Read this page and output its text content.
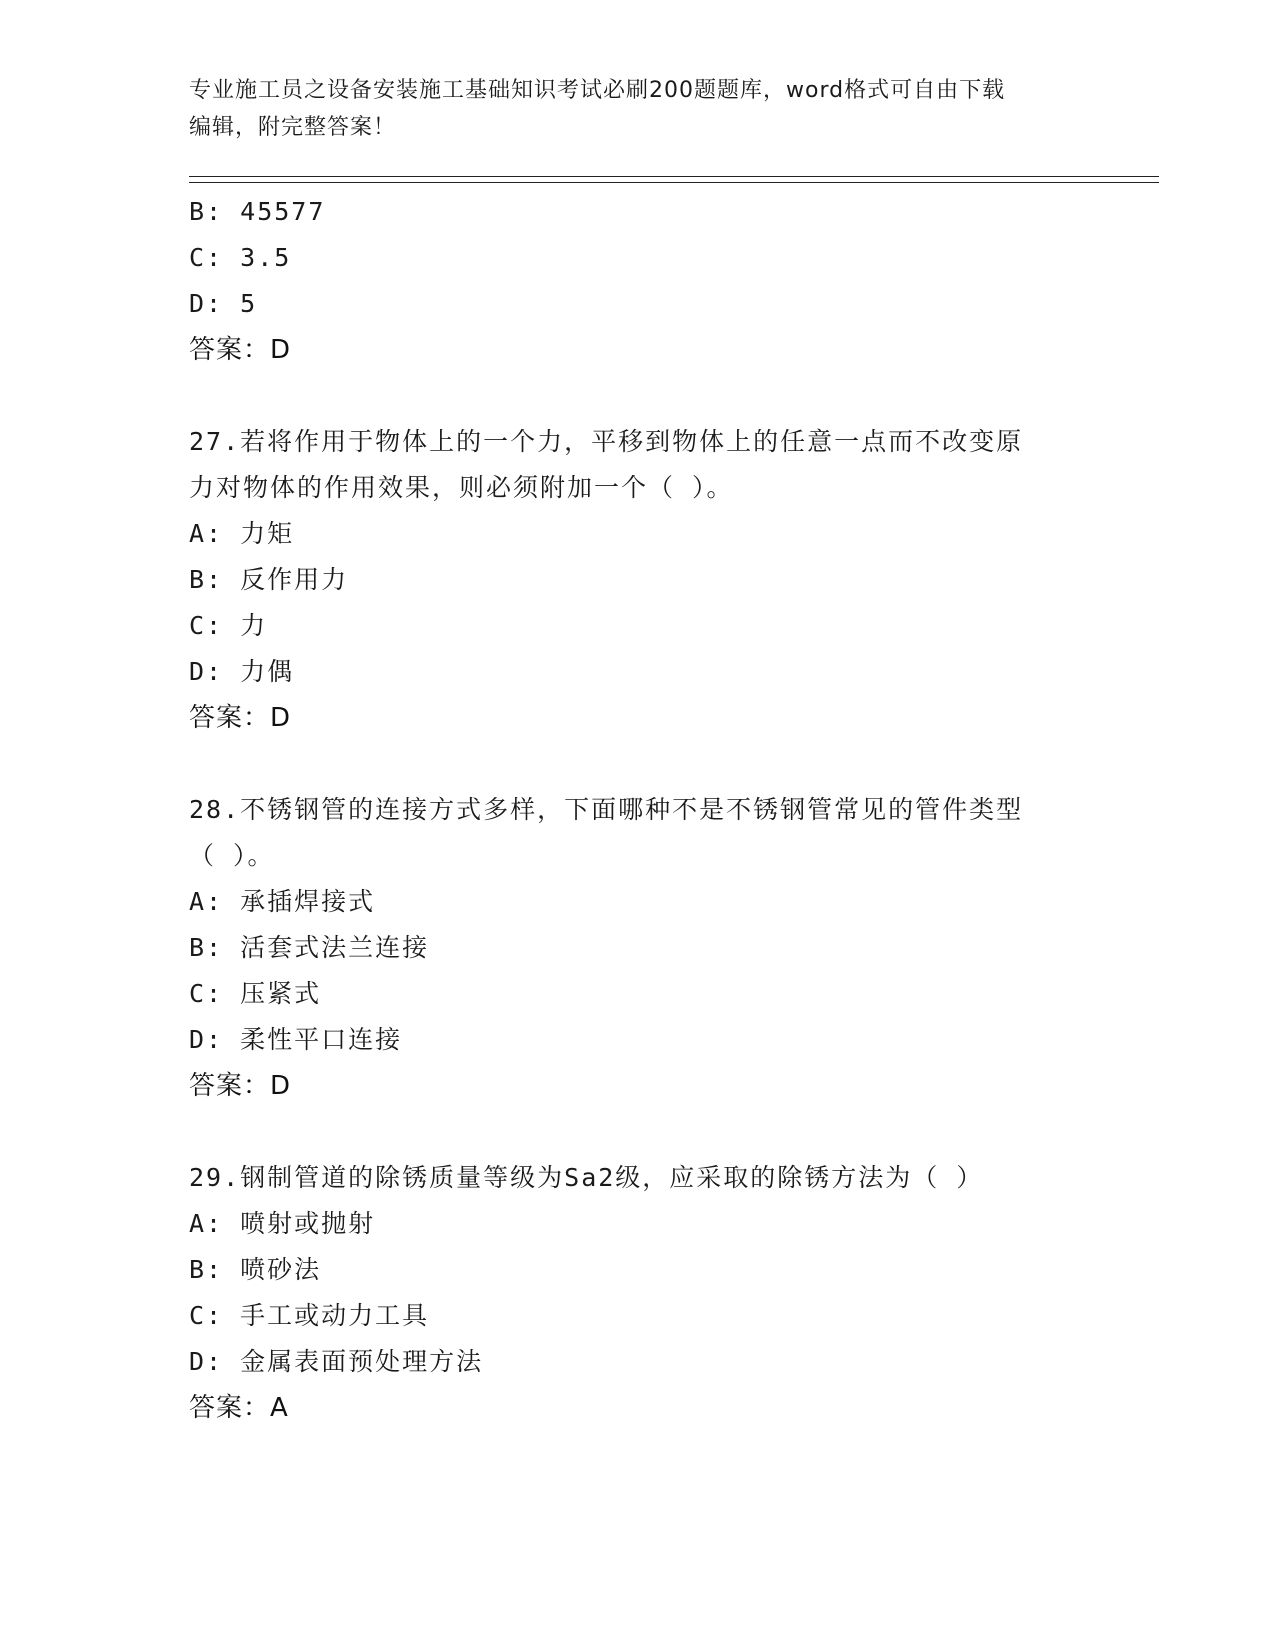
专业施工员之设备安装施工基础知识考试必刷200题题库，word格式可自由下载
编辑，附完整答案！
B: 45577
C: 3.5
D: 5
答案：D
27.若将作用于物体上的一个力，平移到物体上的任意一点而不改变原
力对物体的作用效果，则必须附加一个（ ）。
A: 力矩
B: 反作用力
C: 力
D: 力偶
答案：D
28.不锈钢管的连接方式多样，下面哪种不是不锈钢管常见的管件类型
（ ）。
A: 承插焊接式
B: 活套式法兰连接
C: 压紧式
D: 柔性平口连接
答案：D
29.钢制管道的除锈质量等级为Sa2级，应采取的除锈方法为（ ）
A: 喷射或抛射
B: 喷砂法
C: 手工或动力工具
D: 金属表面预处理方法
答案：A
